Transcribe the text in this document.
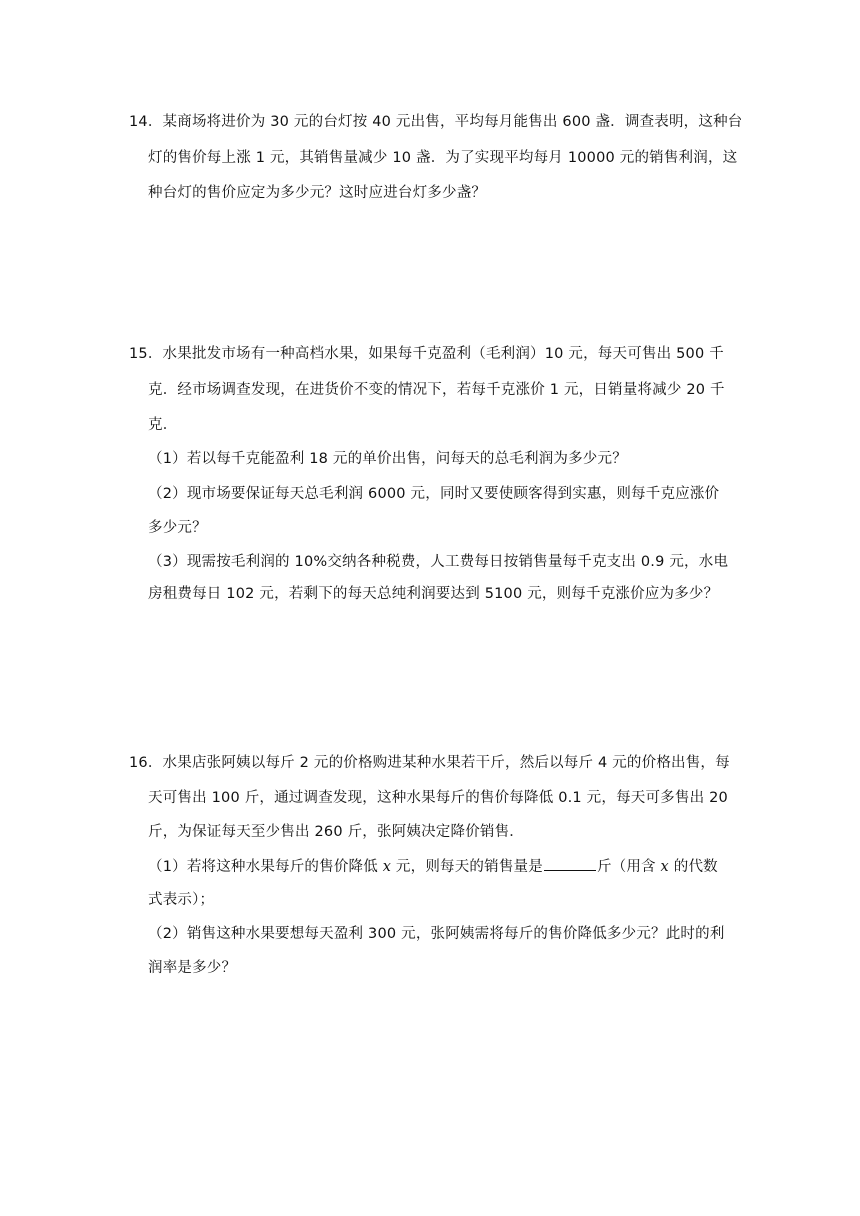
14．某商场将进价为 30 元的台灯按 40 元出售，平均每月能售出 600 盏．调查表明，这种台
灯的售价每上涨 1 元，其销售量减少 10 盏．为了实现平均每月 10000 元的销售利润，这
种台灯的售价应定为多少元？这时应进台灯多少盏？
15．水果批发市场有一种高档水果，如果每千克盈利（毛利润）10 元，每天可售出 500 千
克．经市场调查发现，在进货价不变的情况下，若每千克涨价 1 元，日销量将减少 20 千
克．
（1）若以每千克能盈利 18 元的单价出售，问每天的总毛利润为多少元？
（2）现市场要保证每天总毛利润 6000 元，同时又要使顾客得到实惠，则每千克应涨价
多少元？
（3）现需按毛利润的 10%交纳各种税费，人工费每日按销售量每千克支出 0.9 元，水电
房租费每日 102 元，若剩下的每天总纯利润要达到 5100 元，则每千克涨价应为多少？
16．水果店张阿姨以每斤 2 元的价格购进某种水果若干斤，然后以每斤 4 元的价格出售，每
天可售出 100 斤，通过调查发现，这种水果每斤的售价每降低 0.1 元，每天可多售出 20
斤，为保证每天至少售出 260 斤，张阿姨决定降价销售．
（1）若将这种水果每斤的售价降低 x 元，则每天的销售量是	斤（用含 x 的代数
式表示）；
（2）销售这种水果要想每天盈利 300 元，张阿姨需将每斤的售价降低多少元？此时的利
润率是多少？
